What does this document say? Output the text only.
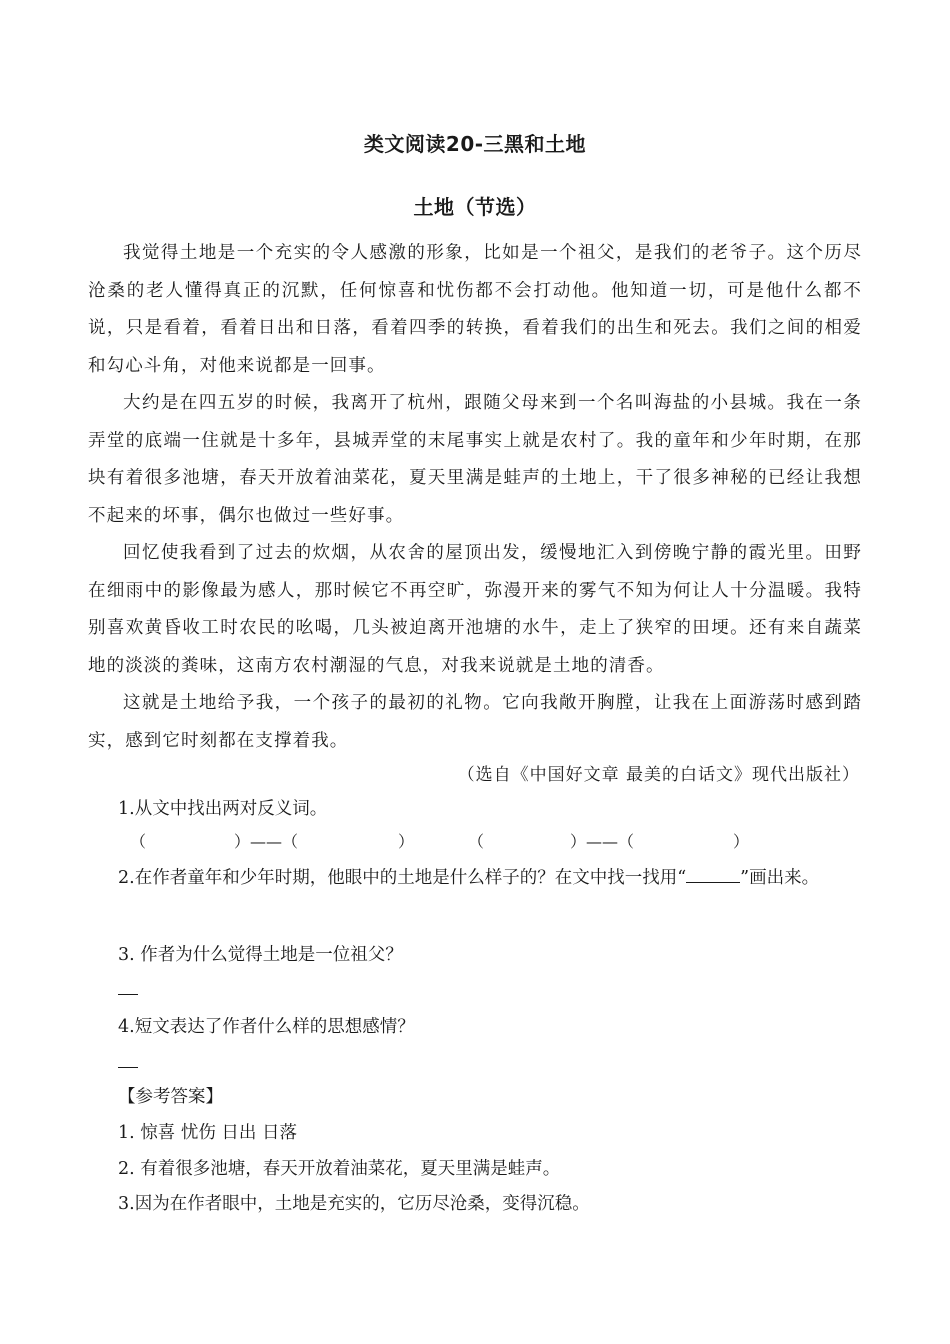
类文阅读20-三黑和土地
土地（节选）
我觉得土地是一个充实的令人感激的形象，比如是一个祖父，是我们的老爷子。这个历尽沧桑的老人懂得真正的沉默，任何惊喜和忧伤都不会打动他。他知道一切，可是他什么都不说，只是看着，看着日出和日落，看着四季的转换，看着我们的出生和死去。我们之间的相爱和勾心斗角，对他来说都是一回事。
大约是在四五岁的时候，我离开了杭州，跟随父母来到一个名叫海盐的小县城。我在一条弄堂的底端一住就是十多年，县城弄堂的末尾事实上就是农村了。我的童年和少年时期，在那块有着很多池塘，春天开放着油菜花，夏天里满是蛙声的土地上，干了很多神秘的已经让我想不起来的坏事，偶尔也做过一些好事。
回忆使我看到了过去的炊烟，从农舍的屋顶出发，缓慢地汇入到傍晚宁静的霞光里。田野在细雨中的影像最为感人，那时候它不再空旷，弥漫开来的雾气不知为何让人十分温暖。我特别喜欢黄昏收工时农民的吆喝，几头被迫离开池塘的水牛，走上了狭窄的田埂。还有来自蔬菜地的淡淡的粪味，这南方农村潮湿的气息，对我来说就是土地的清香。
这就是土地给予我，一个孩子的最初的礼物。它向我敞开胸膛，让我在上面游荡时感到踏实，感到它时刻都在支撑着我。
（选自《中国好文章 最美的白话文》现代出版社）
1.从文中找出两对反义词。
（	）——（	）	（	）——（	）
2.在作者童年和少年时期，他眼中的土地是什么样子的？在文中找一找用“	”画出来。
3. 作者为什么觉得土地是一位祖父？
4.短文表达了作者什么样的思想感情？
【参考答案】
1. 惊喜 忧伤 日出 日落
2. 有着很多池塘，春天开放着油菜花，夏天里满是蛙声。
3.因为在作者眼中，土地是充实的，它历尽沧桑，变得沉稳。
